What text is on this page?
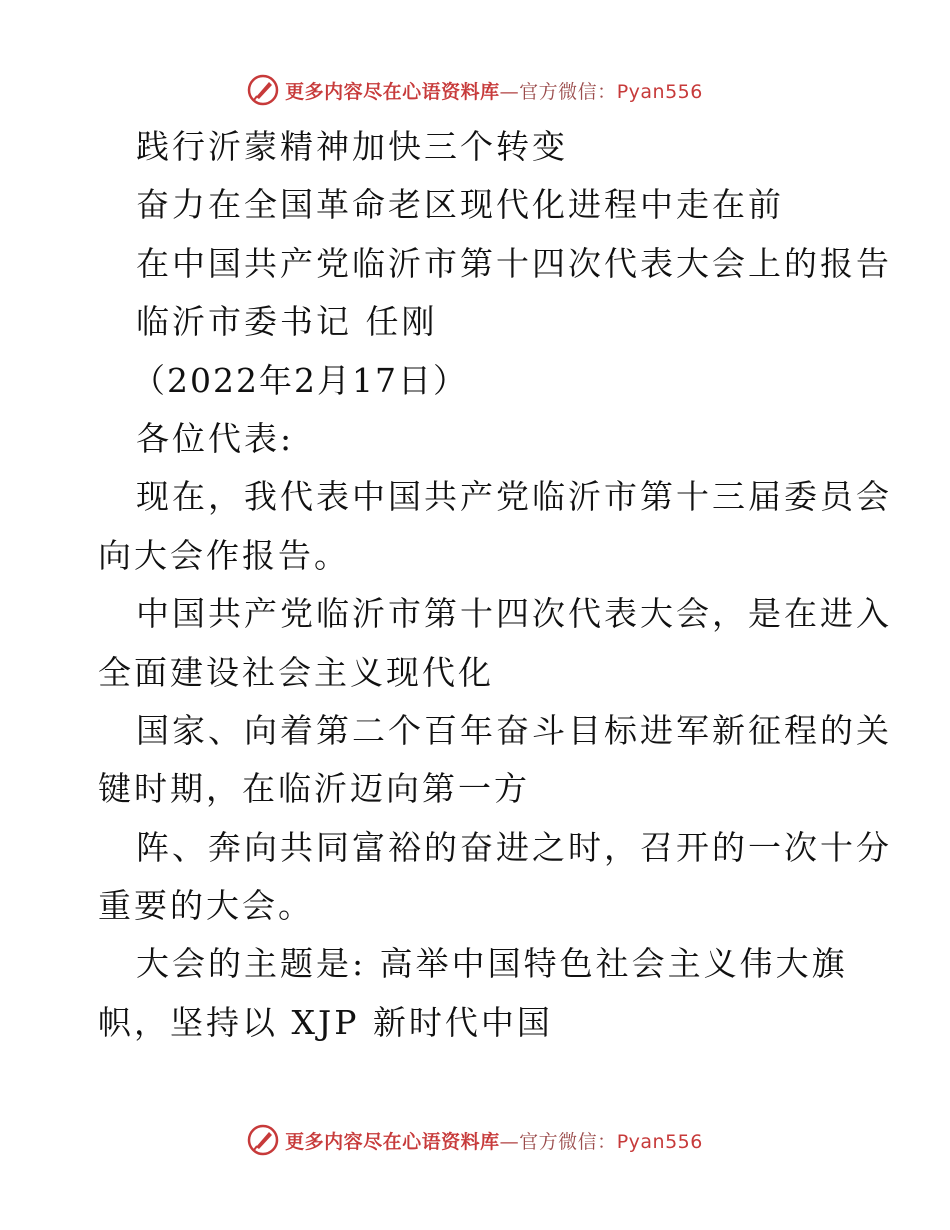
更多内容尽在心语资料库—官方微信：Pyan556
践行沂蒙精神加快三个转变
奋力在全国革命老区现代化进程中走在前
在中国共产党临沂市第十四次代表大会上的报告
临沂市委书记 任刚
（2022年2月17日）
各位代表:
现在，我代表中国共产党临沂市第十三届委员会
向大会作报告。
中国共产党临沂市第十四次代表大会，是在进入
全面建设社会主义现代化
国家、向着第二个百年奋斗目标进军新征程的关
键时期，在临沂迈向第一方
阵、奔向共同富裕的奋进之时，召开的一次十分
重要的大会。
大会的主题是: 高举中国特色社会主义伟大旗
帜，坚持以 XJP 新时代中国
更多内容尽在心语资料库—官方微信：Pyan556
